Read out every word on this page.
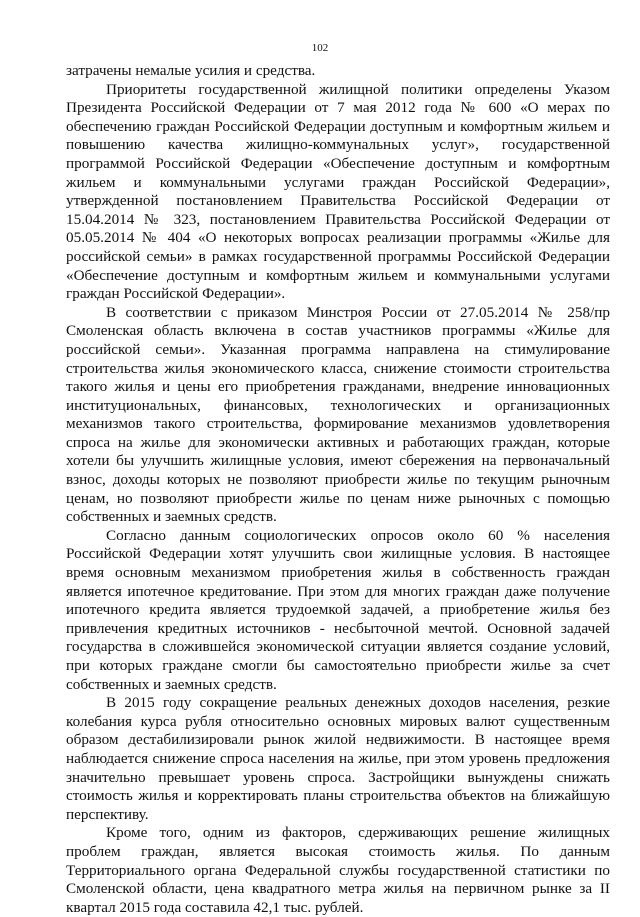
102

затрачены немалые усилия и средства.

Приоритеты государственной жилищной политики определены Указом Президента Российской Федерации от 7 мая 2012 года № 600 «О мерах по обеспечению граждан Российской Федерации доступным и комфортным жильем и повышению качества жилищно-коммунальных услуг», государственной программой Российской Федерации «Обеспечение доступным и комфортным жильем и коммунальными услугами граждан Российской Федерации», утвержденной постановлением Правительства Российской Федерации от 15.04.2014 № 323, постановлением Правительства Российской Федерации от 05.05.2014 № 404 «О некоторых вопросах реализации программы «Жилье для российской семьи» в рамках государственной программы Российской Федерации «Обеспечение доступным и комфортным жильем и коммунальными услугами граждан Российской Федерации».

В соответствии с приказом Минстроя России от 27.05.2014 № 258/пр Смоленская область включена в состав участников программы «Жилье для российской семьи». Указанная программа направлена на стимулирование строительства жилья экономического класса, снижение стоимости строительства такого жилья и цены его приобретения гражданами, внедрение инновационных институциональных, финансовых, технологических и организационных механизмов такого строительства, формирование механизмов удовлетворения спроса на жилье для экономически активных и работающих граждан, которые хотели бы улучшить жилищные условия, имеют сбережения на первоначальный взнос, доходы которых не позволяют приобрести жилье по текущим рыночным ценам, но позволяют приобрести жилье по ценам ниже рыночных с помощью собственных и заемных средств.

Согласно данным социологических опросов около 60 % населения Российской Федерации хотят улучшить свои жилищные условия. В настоящее время основным механизмом приобретения жилья в собственность граждан является ипотечное кредитование. При этом для многих граждан даже получение ипотечного кредита является трудоемкой задачей, а приобретение жилья без привлечения кредитных источников - несбыточной мечтой. Основной задачей государства в сложившейся экономической ситуации является создание условий, при которых граждане смогли бы самостоятельно приобрести жилье за счет собственных и заемных средств.

В 2015 году сокращение реальных денежных доходов населения, резкие колебания курса рубля относительно основных мировых валют существенным образом дестабилизировали рынок жилой недвижимости. В настоящее время наблюдается снижение спроса населения на жилье, при этом уровень предложения значительно превышает уровень спроса. Застройщики вынуждены снижать стоимость жилья и корректировать планы строительства объектов на ближайшую перспективу.

Кроме того, одним из факторов, сдерживающих решение жилищных проблем граждан, является высокая стоимость жилья. По данным Территориального органа Федеральной службы государственной статистики по Смоленской области, цена квадратного метра жилья на первичном рынке за II квартал 2015 года составила 42,1 тыс. рублей.
